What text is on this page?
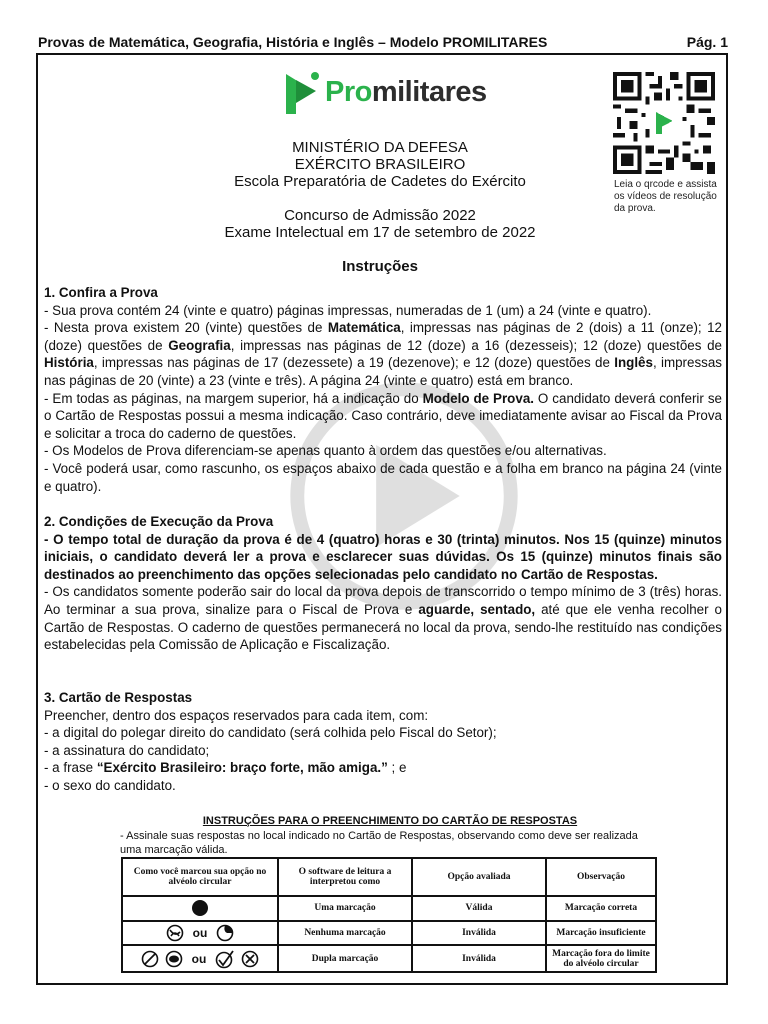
Provas de Matemática, Geografia, História e Inglês – Modelo PROMILITARES	Pág. 1
Promilitares
Leia o qrcode e assista os vídeos de resolução da prova.
MINISTÉRIO DA DEFESA
EXÉRCITO BRASILEIRO
Escola Preparatória de Cadetes do Exército
Concurso de Admissão 2022
Exame Intelectual em 17 de setembro de 2022
Instruções

1. Confira a Prova

- Sua prova contém 24 (vinte e quatro) páginas impressas, numeradas de 1 (um) a 24 (vinte e quatro).

- Nesta prova existem 20 (vinte) questões de Matemática, impressas nas páginas de 2 (dois) a 11 (onze); 12 (doze) questões de Geografia, impressas nas páginas de 12 (doze) a 16 (dezesseis); 12 (doze) questões de História, impressas nas páginas de 17 (dezessete) a 19 (dezenove); e 12 (doze) questões de Inglês, impressas nas páginas de 20 (vinte) a 23 (vinte e três). A página 24 (vinte e quatro) está em branco.

- Em todas as páginas, na margem superior, há a indicação do Modelo de Prova. O candidato deverá conferir se o Cartão de Respostas possui a mesma indicação. Caso contrário, deve imediatamente avisar ao Fiscal da Prova e solicitar a troca do caderno de questões.

- Os Modelos de Prova diferenciam-se apenas quanto à ordem das questões e/ou alternativas.

- Você poderá usar, como rascunho, os espaços abaixo de cada questão e a folha em branco na página 24 (vinte e quatro).

2. Condições de Execução da Prova

- O tempo total de duração da prova é de 4 (quatro) horas e 30 (trinta) minutos. Nos 15 (quinze) minutos iniciais, o candidato deverá ler a prova e esclarecer suas dúvidas. Os 15 (quinze) minutos finais são destinados ao preenchimento das opções selecionadas pelo candidato no Cartão de Respostas.

- Os candidatos somente poderão sair do local da prova depois de transcorrido o tempo mínimo de 3 (três) horas. Ao terminar a sua prova, sinalize para o Fiscal de Prova e aguarde, sentado, até que ele venha recolher o Cartão de Respostas. O caderno de questões permanecerá no local da prova, sendo-lhe restituído nas condições estabelecidas pela Comissão de Aplicação e Fiscalização.

3. Cartão de Respostas

Preencher, dentro dos espaços reservados para cada item, com:

- a digital do polegar direito do candidato (será colhida pelo Fiscal do Setor);

- a assinatura do candidato;

- a frase “Exército Brasileiro: braço forte, mão amiga.” ; e

- o sexo do candidato.

INSTRUÇÕES PARA O PREENCHIMENTO DO CARTÃO DE RESPOSTAS
- Assinale suas respostas no local indicado no Cartão de Respostas, observando como deve ser realizada uma marcação válida.
Como você marcou sua opção no alvéolo circular	O software de leitura a interpretou como	Opção avaliada	Observação
	Uma marcação	Válida	Marcação correta
ou	Nenhuma marcação	Inválida	Marcação insuficiente
ou	Dupla marcação	Inválida	Marcação fora do limite do alvéolo circular
